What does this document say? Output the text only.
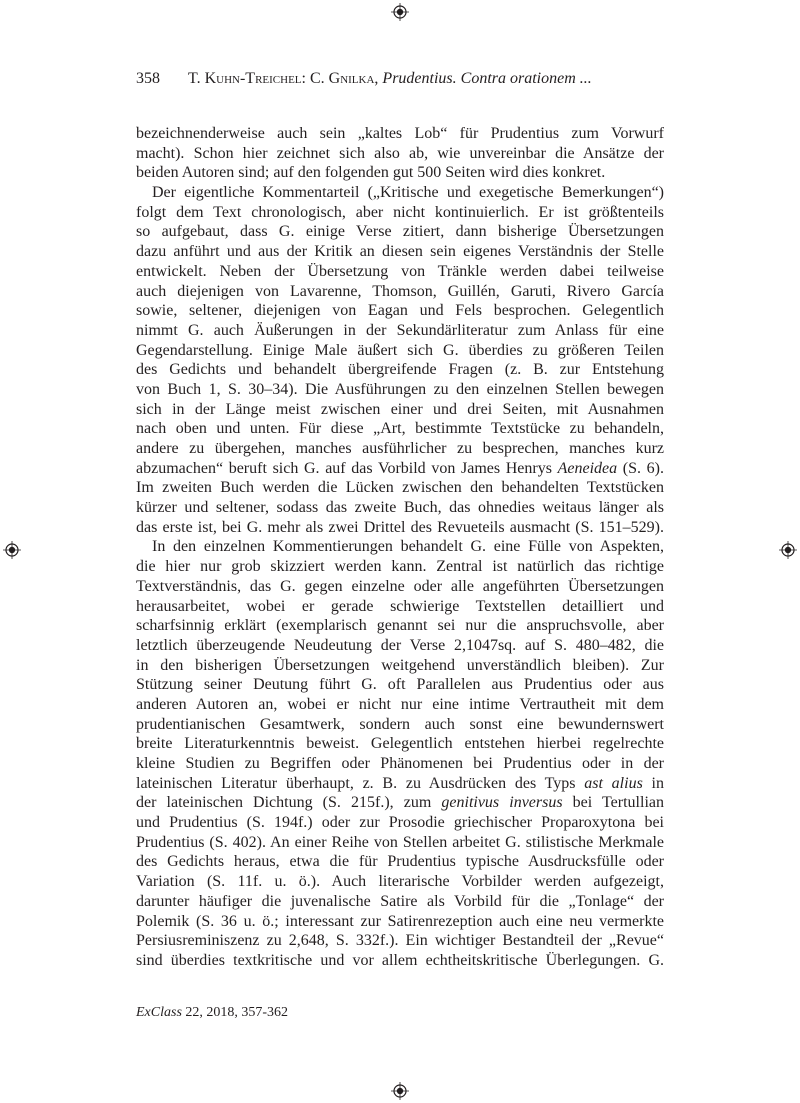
358 T. Kuhn-Treichel: C. Gnilka, Prudentius. Contra orationem ...
bezeichnenderweise auch sein „kaltes Lob“ für Prudentius zum Vorwurf
macht). Schon hier zeichnet sich also ab, wie unvereinbar die Ansätze der
beiden Autoren sind; auf den folgenden gut 500 Seiten wird dies konkret.
Der eigentliche Kommentarteil („Kritische und exegetische Bemerkungen“)
folgt dem Text chronologisch, aber nicht kontinuierlich. Er ist größtenteils
so aufgebaut, dass G. einige Verse zitiert, dann bisherige Übersetzungen
dazu anführt und aus der Kritik an diesen sein eigenes Verständnis der Stelle
entwickelt. Neben der Übersetzung von Tränkle werden dabei teilweise
auch diejenigen von Lavarenne, Thomson, Guillén, Garuti, Rivero García
sowie, seltener, diejenigen von Eagan und Fels besprochen. Gelegentlich
nimmt G. auch Äußerungen in der Sekundärliteratur zum Anlass für eine
Gegendarstellung. Einige Male äußert sich G. überdies zu größeren Teilen
des Gedichts und behandelt übergreifende Fragen (z. B. zur Entstehung
von Buch 1, S. 30–34). Die Ausführungen zu den einzelnen Stellen bewegen
sich in der Länge meist zwischen einer und drei Seiten, mit Ausnahmen
nach oben und unten. Für diese „Art, bestimmte Textstücke zu behandeln,
andere zu übergehen, manches ausführlicher zu besprechen, manches kurz
abzumachen“ beruft sich G. auf das Vorbild von James Henrys Aeneidea (S. 6).
Im zweiten Buch werden die Lücken zwischen den behandelten Textstücken
kürzer und seltener, sodass das zweite Buch, das ohnedies weitaus länger als
das erste ist, bei G. mehr als zwei Drittel des Revueteils ausmacht (S. 151–529).
In den einzelnen Kommentierungen behandelt G. eine Fülle von Aspekten,
die hier nur grob skizziert werden kann. Zentral ist natürlich das richtige
Textverständnis, das G. gegen einzelne oder alle angeführten Übersetzungen
herausarbeitet, wobei er gerade schwierige Textstellen detailliert und
scharfsinnig erklärt (exemplarisch genannt sei nur die anspruchsvolle, aber
letztlich überzeugende Neudeutung der Verse 2,1047sq. auf S. 480–482, die
in den bisherigen Übersetzungen weitgehend unverständlich bleiben). Zur
Stützung seiner Deutung führt G. oft Parallelen aus Prudentius oder aus
anderen Autoren an, wobei er nicht nur eine intime Vertrautheit mit dem
prudentianischen Gesamtwerk, sondern auch sonst eine bewundernswert
breite Literaturkenntnis beweist. Gelegentlich entstehen hierbei regelrechte
kleine Studien zu Begriffen oder Phänomenen bei Prudentius oder in der
lateinischen Literatur überhaupt, z. B. zu Ausdrücken des Typs ast alius in
der lateinischen Dichtung (S. 215f.), zum genitivus inversus bei Tertullian
und Prudentius (S. 194f.) oder zur Prosodie griechischer Proparoxytona bei
Prudentius (S. 402). An einer Reihe von Stellen arbeitet G. stilistische Merkmale
des Gedichts heraus, etwa die für Prudentius typische Ausdrucksfülle oder
Variation (S. 11f. u. ö.). Auch literarische Vorbilder werden aufgezeigt,
darunter häufiger die juvenalische Satire als Vorbild für die „Tonlage“ der
Polemik (S. 36 u. ö.; interessant zur Satirenrezeption auch eine neu vermerkte
Persiusreminiszenz zu 2,648, S. 332f.). Ein wichtiger Bestandteil der „Revue“
sind überdies textkritische und vor allem echtheitskritische Überlegungen. G.
ExClass 22, 2018, 357-362
